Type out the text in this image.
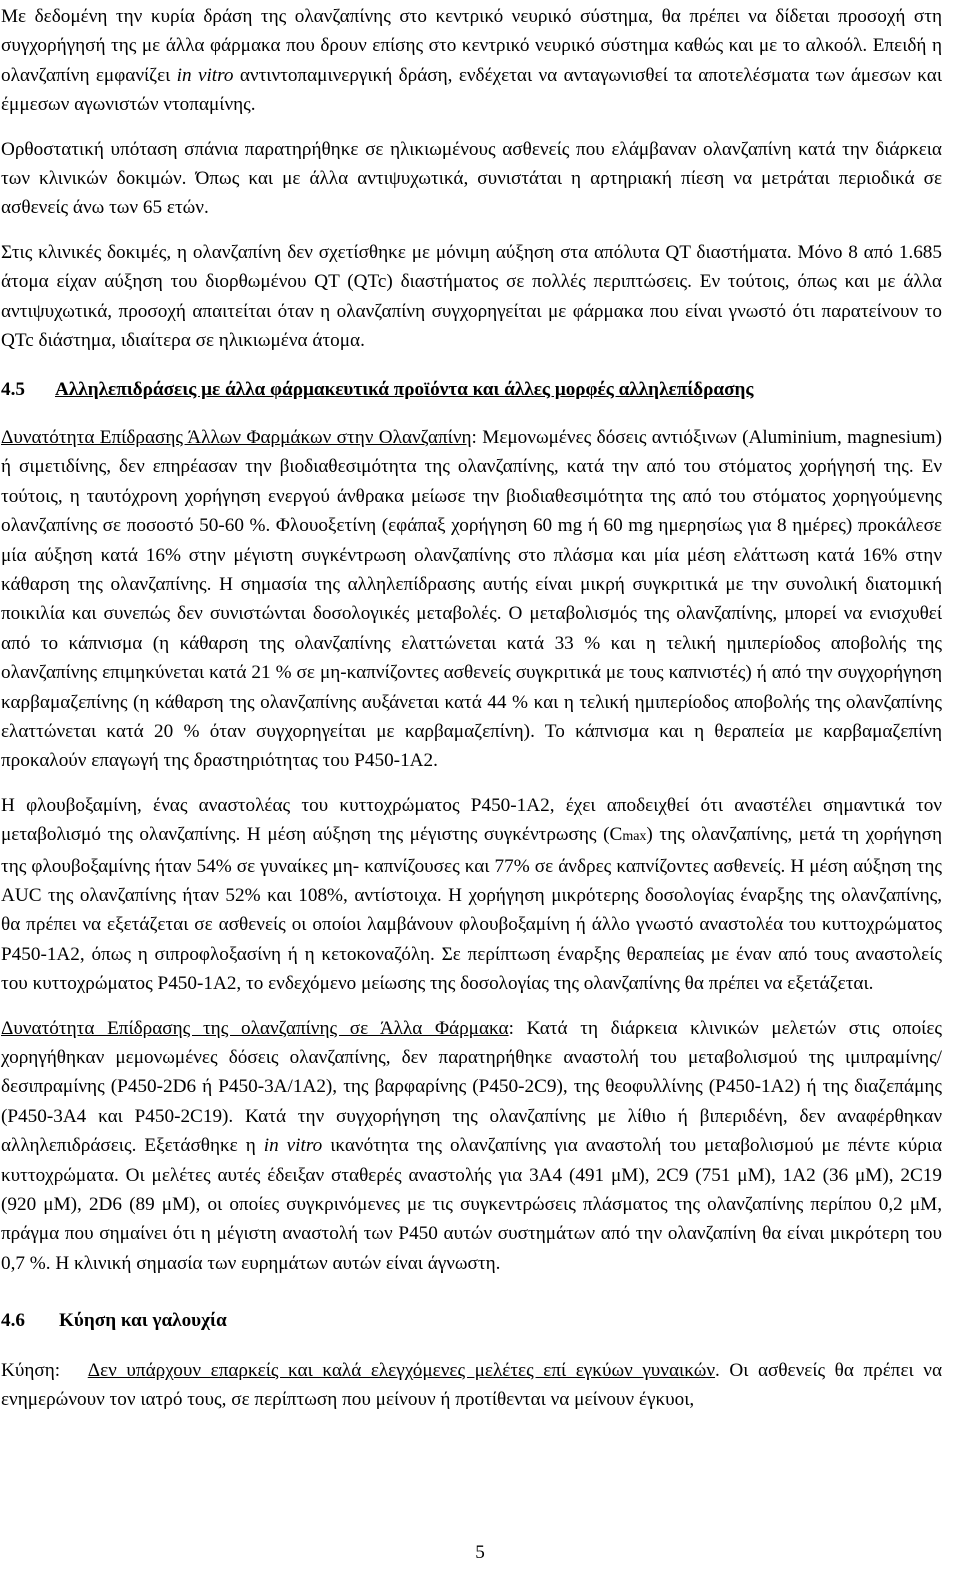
Με δεδομένη την κυρία δράση της ολανζαπίνης στο κεντρικό νευρικό σύστημα, θα πρέπει να δίδεται προσοχή στη συγχορήγησή της με άλλα φάρμακα που δρουν επίσης στο κεντρικό νευρικό σύστημα καθώς και με το αλκοόλ. Επειδή η ολανζαπίνη εμφανίζει in vitro αντιντοπαμινεργική δράση, ενδέχεται να ανταγωνισθεί τα αποτελέσματα των άμεσων και έμμεσων αγωνιστών ντοπαμίνης.

Ορθοστατική υπόταση σπάνια παρατηρήθηκε σε ηλικιωμένους ασθενείς που ελάμβαναν ολανζαπίνη κατά την διάρκεια των κλινικών δοκιμών. Όπως και με άλλα αντιψυχωτικά, συνιστάται η αρτηριακή πίεση να μετράται περιοδικά σε ασθενείς άνω των 65 ετών.

Στις κλινικές δοκιμές, η ολανζαπίνη δεν σχετίσθηκε με μόνιμη αύξηση στα απόλυτα QT διαστήματα. Μόνο 8 από 1.685 άτομα είχαν αύξηση του διορθωμένου QT (QTc) διαστήματος σε πολλές περιπτώσεις. Εν τούτοις, όπως και με άλλα αντιψυχωτικά, προσοχή απαιτείται όταν η ολανζαπίνη συγχορηγείται με φάρμακα που είναι γνωστό ότι παρατείνουν το QTc διάστημα, ιδιαίτερα σε ηλικιωμένα άτομα.

4.5 Αλληλεπιδράσεις με άλλα φάρμακευτικά προϊόντα και άλλες μορφές αλληλεπίδρασης

Δυνατότητα Επίδρασης Άλλων Φαρμάκων στην Ολανζαπίνη: Μεμονωμένες δόσεις αντιόξινων (Aluminium, magnesium) ή σιμετιδίνης, δεν επηρέασαν την βιοδιαθεσιμότητα της ολανζαπίνης, κατά την από του στόματος χορήγησή της. Εν τούτοις, η ταυτόχρονη χορήγηση ενεργού άνθρακα μείωσε την βιοδιαθεσιμότητα της από του στόματος χορηγούμενης ολανζαπίνης σε ποσοστό 50-60 %. Φλουοξετίνη (εφάπαξ χορήγηση 60 mg ή 60 mg ημερησίως για 8 ημέρες) προκάλεσε μία αύξηση κατά 16% στην μέγιστη συγκέντρωση ολανζαπίνης στο πλάσμα και μία μέση ελάττωση κατά 16% στην κάθαρση της ολανζαπίνης. Η σημασία της αλληλεπίδρασης αυτής είναι μικρή συγκριτικά με την συνολική διατομική ποικιλία και συνεπώς δεν συνιστώνται δοσολογικές μεταβολές. Ο μεταβολισμός της ολανζαπίνης, μπορεί να ενισχυθεί από το κάπνισμα (η κάθαρση της ολανζαπίνης ελαττώνεται κατά 33 % και η τελική ημιπερίοδος αποβολής της ολανζαπίνης επιμηκύνεται κατά 21 % σε μη-καπνίζοντες ασθενείς συγκριτικά με τους καπνιστές) ή από την συγχορήγηση καρβαμαζεπίνης (η κάθαρση της ολανζαπίνης αυξάνεται κατά 44 % και η τελική ημιπερίοδος αποβολής της ολανζαπίνης ελαττώνεται κατά 20 % όταν συγχορηγείται με καρβαμαζεπίνη). Το κάπνισμα και η θεραπεία με καρβαμαζεπίνη προκαλούν επαγωγή της δραστηριότητας του P450-1A2.

Η φλουβοξαμίνη, ένας αναστολέας του κυττοχρώματος P450-1A2, έχει αποδειχθεί ότι αναστέλει σημαντικά τον μεταβολισμό της ολανζαπίνης. Η μέση αύξηση της μέγιστης συγκέντρωσης (Cmax) της ολανζαπίνης, μετά τη χορήγηση της φλουβοξαμίνης ήταν 54% σε γυναίκες μη- καπνίζουσες και 77% σε άνδρες καπνίζοντες ασθενείς. Η μέση αύξηση της AUC της ολανζαπίνης ήταν 52% και 108%, αντίστοιχα. Η χορήγηση μικρότερης δοσολογίας έναρξης της ολανζαπίνης, θα πρέπει να εξετάζεται σε ασθενείς οι οποίοι λαμβάνουν φλουβοξαμίνη ή άλλο γνωστό αναστολέα του κυττοχρώματος P450-1A2, όπως η σιπροφλοξασίνη ή η κετοκοναζόλη. Σε περίπτωση έναρξης θεραπείας με έναν από τους αναστολείς του κυττοχρώματος P450-1A2, το ενδεχόμενο μείωσης της δοσολογίας της ολανζαπίνης θα πρέπει να εξετάζεται.

Δυνατότητα Επίδρασης της ολανζαπίνης σε Άλλα Φάρμακα: Κατά τη διάρκεια κλινικών μελετών στις οποίες χορηγήθηκαν μεμονωμένες δόσεις ολανζαπίνης, δεν παρατηρήθηκε αναστολή του μεταβολισμού της ιμιπραμίνης/δεσιπραμίνης (P450-2D6 ή P450-3A/1A2), της βαρφαρίνης (P450-2C9), της θεοφυλλίνης (P450-1A2) ή της διαζεπάμης (P450-3A4 και P450-2C19). Κατά την συγχορήγηση της ολανζαπίνης με λίθιο ή βιπεριδένη, δεν αναφέρθηκαν αλληλεπιδράσεις. Εξετάσθηκε η in vitro ικανότητα της ολανζαπίνης για αναστολή του μεταβολισμού με πέντε κύρια κυττοχρώματα. Οι μελέτες αυτές έδειξαν σταθερές αναστολής για 3A4 (491 μΜ), 2C9 (751 μΜ), 1A2 (36 μΜ), 2C19 (920 μΜ), 2D6 (89 μΜ), οι οποίες συγκρινόμενες με τις συγκεντρώσεις πλάσματος της ολανζαπίνης περίπου 0,2 μΜ, πράγμα που σημαίνει ότι η μέγιστη αναστολή των P450 αυτών συστημάτων από την ολανζαπίνη θα είναι μικρότερη του 0,7 %. Η κλινική σημασία των ευρημάτων αυτών είναι άγνωστη.

4.6 Κύηση και γαλουχία

Κύηση: Δεν υπάρχουν επαρκείς και καλά ελεγχόμενες μελέτες επί εγκύων γυναικών. Οι ασθενείς θα πρέπει να ενημερώνουν τον ιατρό τους, σε περίπτωση που μείνουν ή προτίθενται να μείνουν έγκυοι,

5
